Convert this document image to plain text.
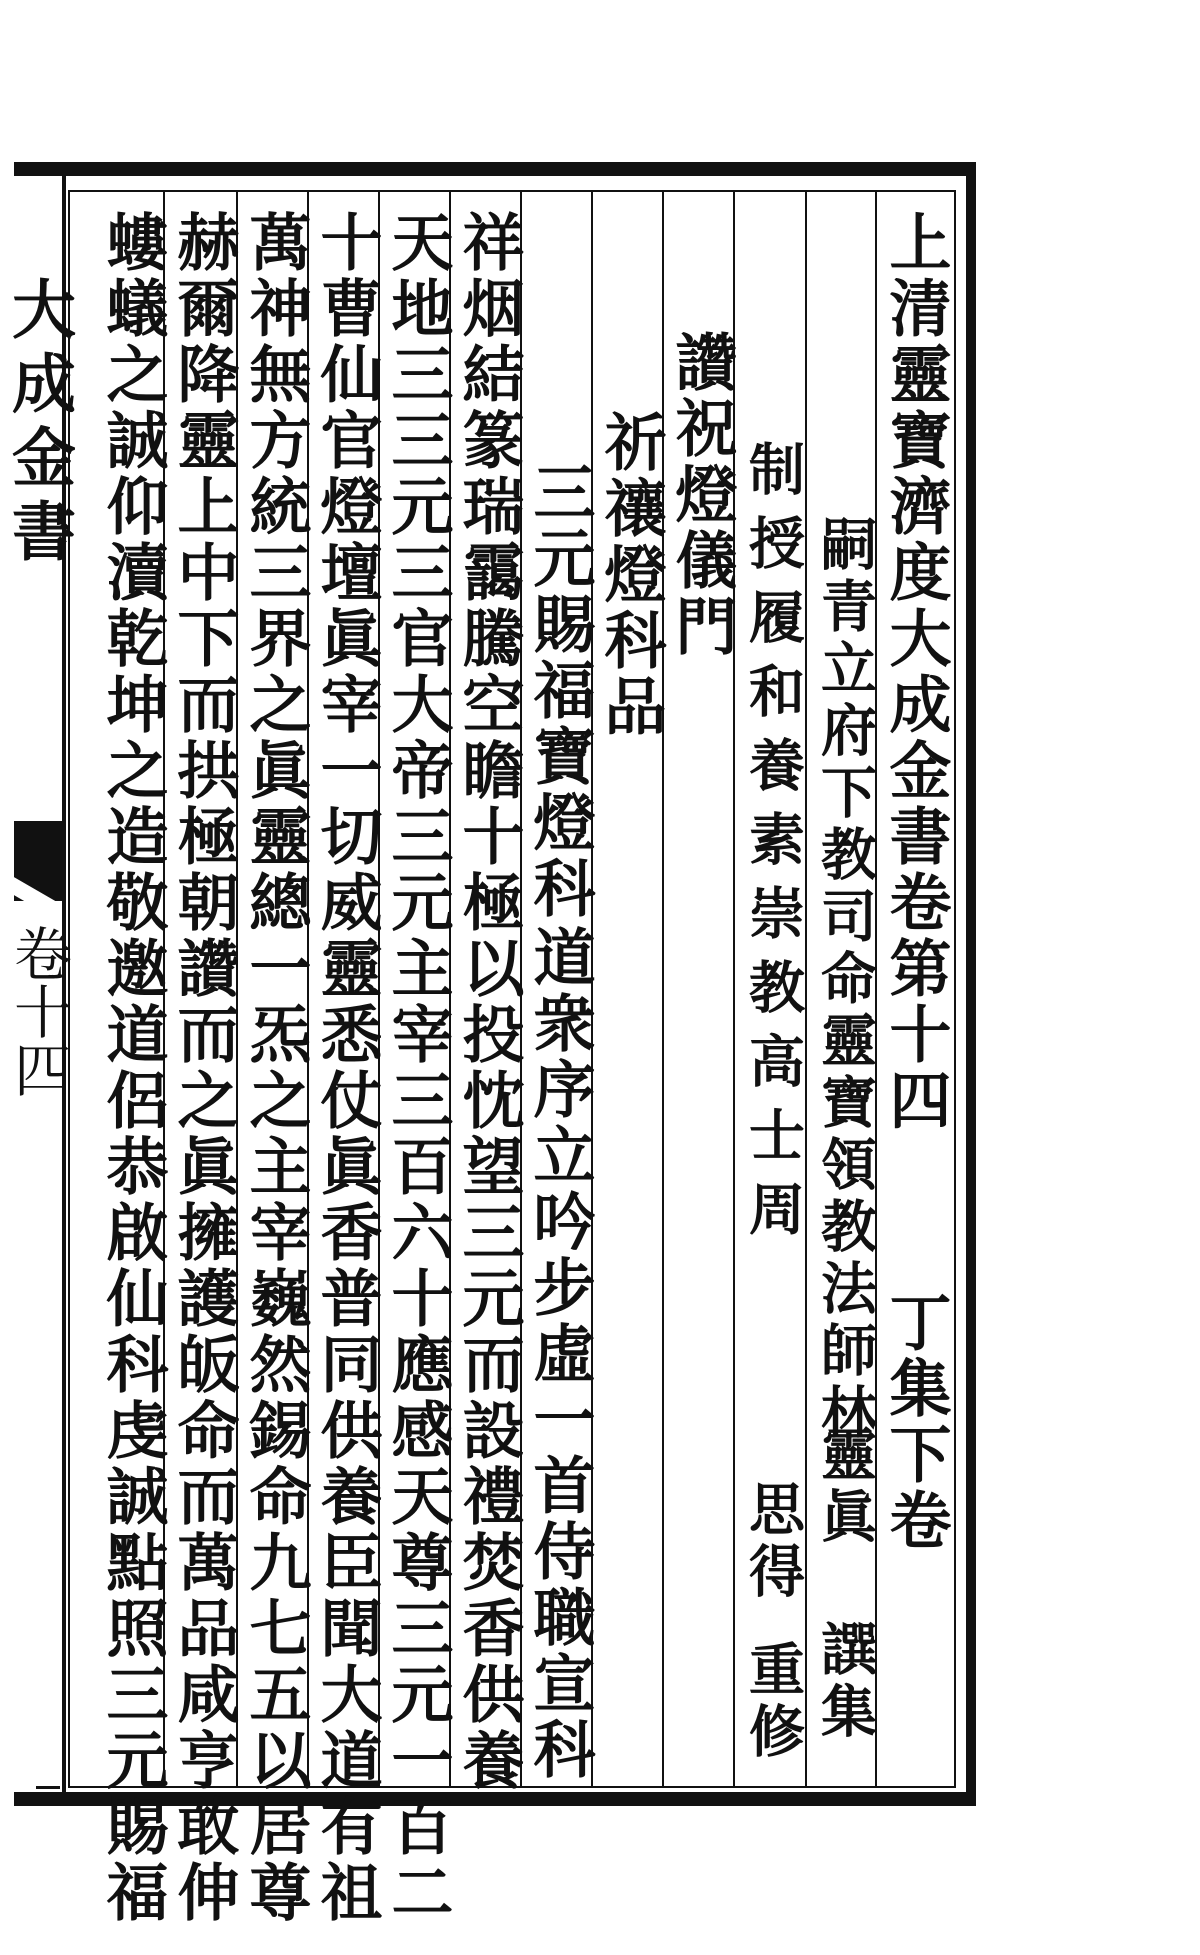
大成金書
卷十四	上清靈寶濟度大成金書卷第十四
丁集下卷
嗣青立府下教司命靈寶領教法師林
靈眞
譔集
制授履和養素崇教高士周
思得
重修
讚祝燈儀門
祈禳燈科品
三元賜福寶燈科
道衆序立吟步虛一首侍職宣科
祥烟結篆瑞靄騰空瞻十極以投忱望三元而設禮焚香供養
天地三三元三官大帝三元主宰三百六十應感天尊三元一百二
十曹仙官燈壇眞宰一切威靈悉仗眞香普同供養臣聞大道有祖
萬神無方統三界之眞靈總一炁之主宰巍然錫命九七五以居尊
赫爾降靈上中下而拱極朝讚而之眞擁護皈命而萬品咸亨敢伸
螻蟻之誠仰瀆乾坤之造敬邀道侶恭啟仙科虔誠點照三元賜福
